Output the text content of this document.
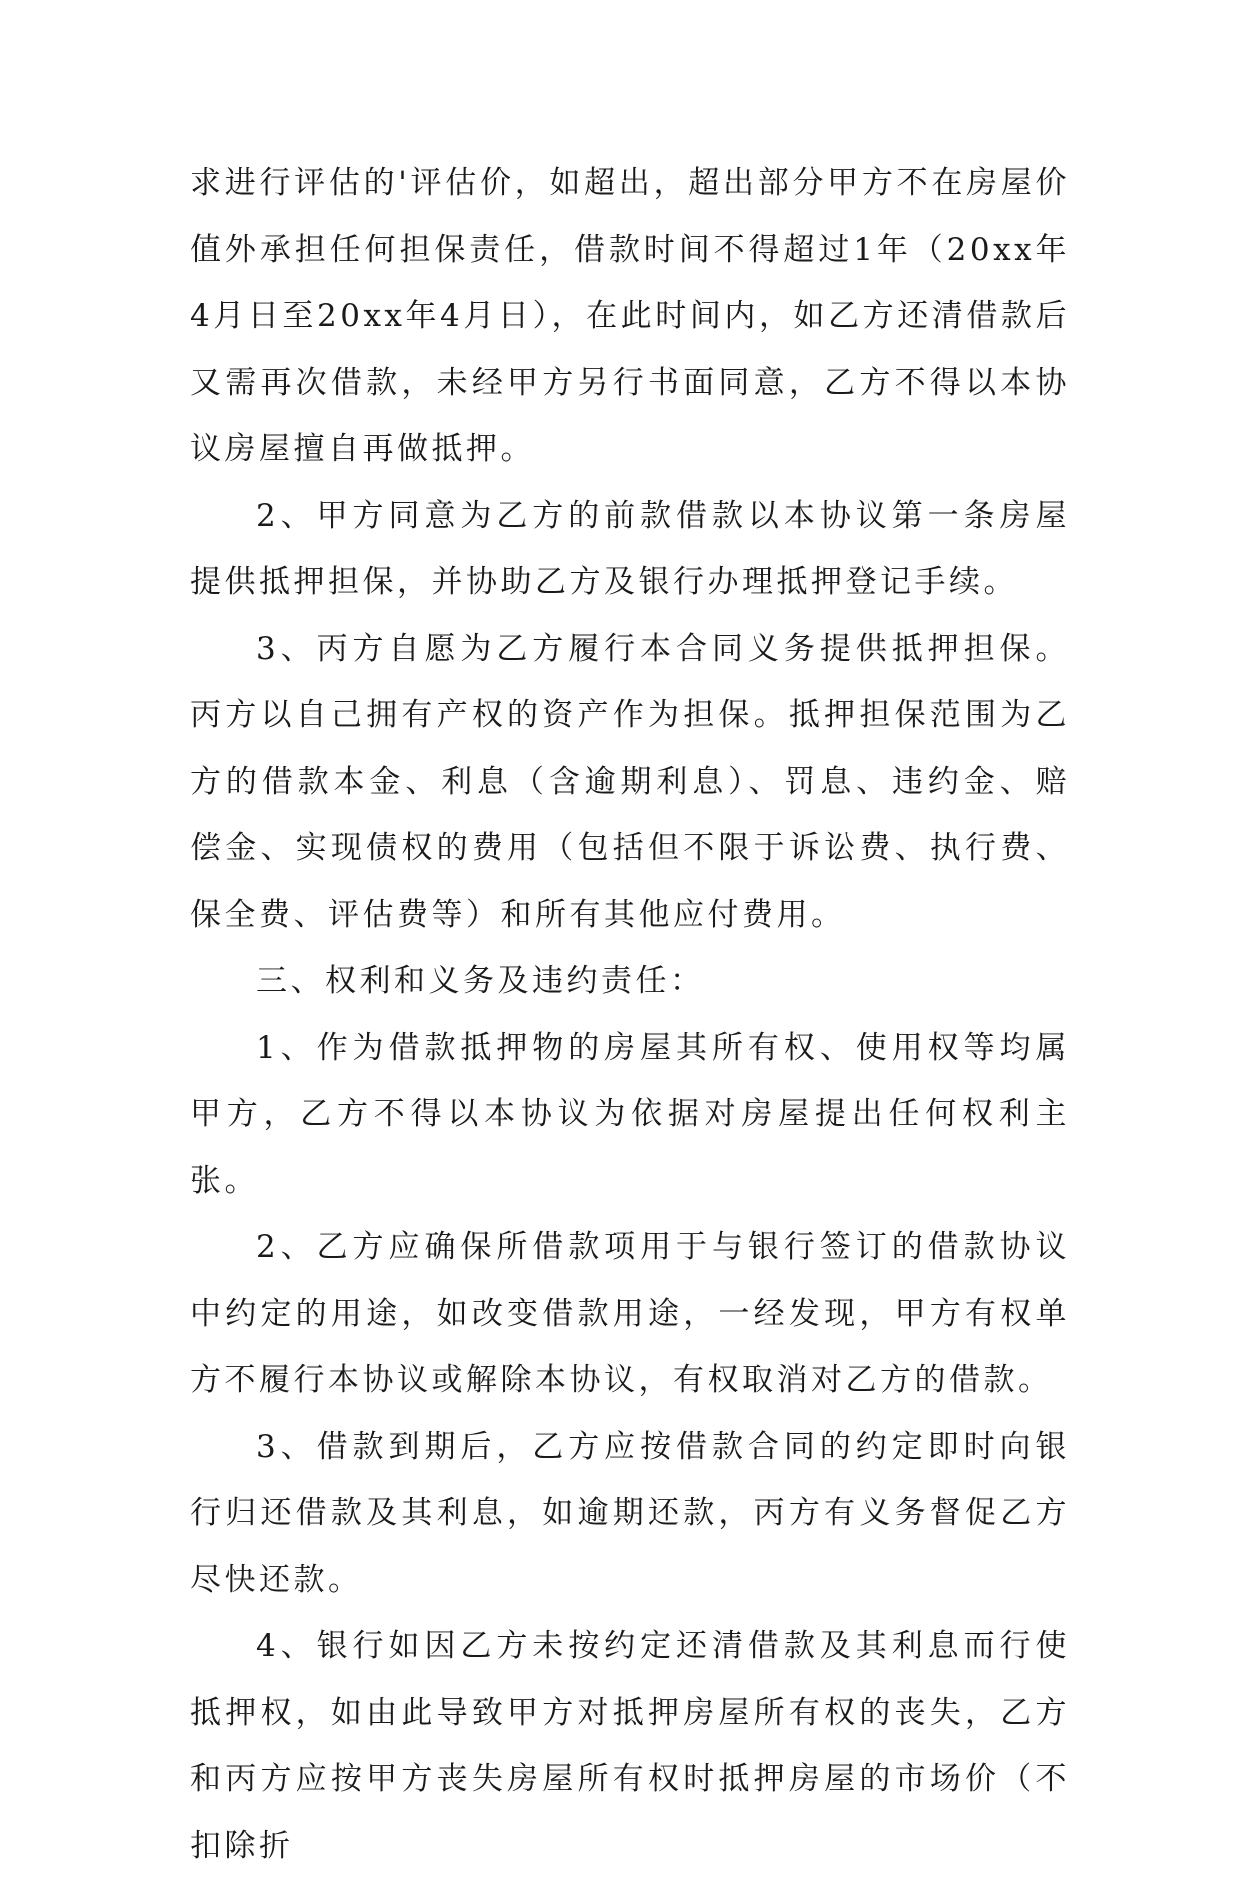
求进行评估的'评估价，如超出，超出部分甲方不在房屋价值外承担任何担保责任，借款时间不得超过1年（20xx年4月日至20xx年4月日），在此时间内，如乙方还清借款后又需再次借款，未经甲方另行书面同意，乙方不得以本协议房屋擅自再做抵押。

2、甲方同意为乙方的前款借款以本协议第一条房屋提供抵押担保，并协助乙方及银行办理抵押登记手续。

3、丙方自愿为乙方履行本合同义务提供抵押担保。丙方以自己拥有产权的资产作为担保。抵押担保范围为乙方的借款本金、利息（含逾期利息）、罚息、违约金、赔偿金、实现债权的费用（包括但不限于诉讼费、执行费、保全费、评估费等）和所有其他应付费用。

三、权利和义务及违约责任：

1、作为借款抵押物的房屋其所有权、使用权等均属甲方，乙方不得以本协议为依据对房屋提出任何权利主张。

2、乙方应确保所借款项用于与银行签订的借款协议中约定的用途，如改变借款用途，一经发现，甲方有权单方不履行本协议或解除本协议，有权取消对乙方的借款。

3、借款到期后，乙方应按借款合同的约定即时向银行归还借款及其利息，如逾期还款，丙方有义务督促乙方尽快还款。

4、银行如因乙方未按约定还清借款及其利息而行使抵押权，如由此导致甲方对抵押房屋所有权的丧失，乙方和丙方应按甲方丧失房屋所有权时抵押房屋的市场价（不扣除折
